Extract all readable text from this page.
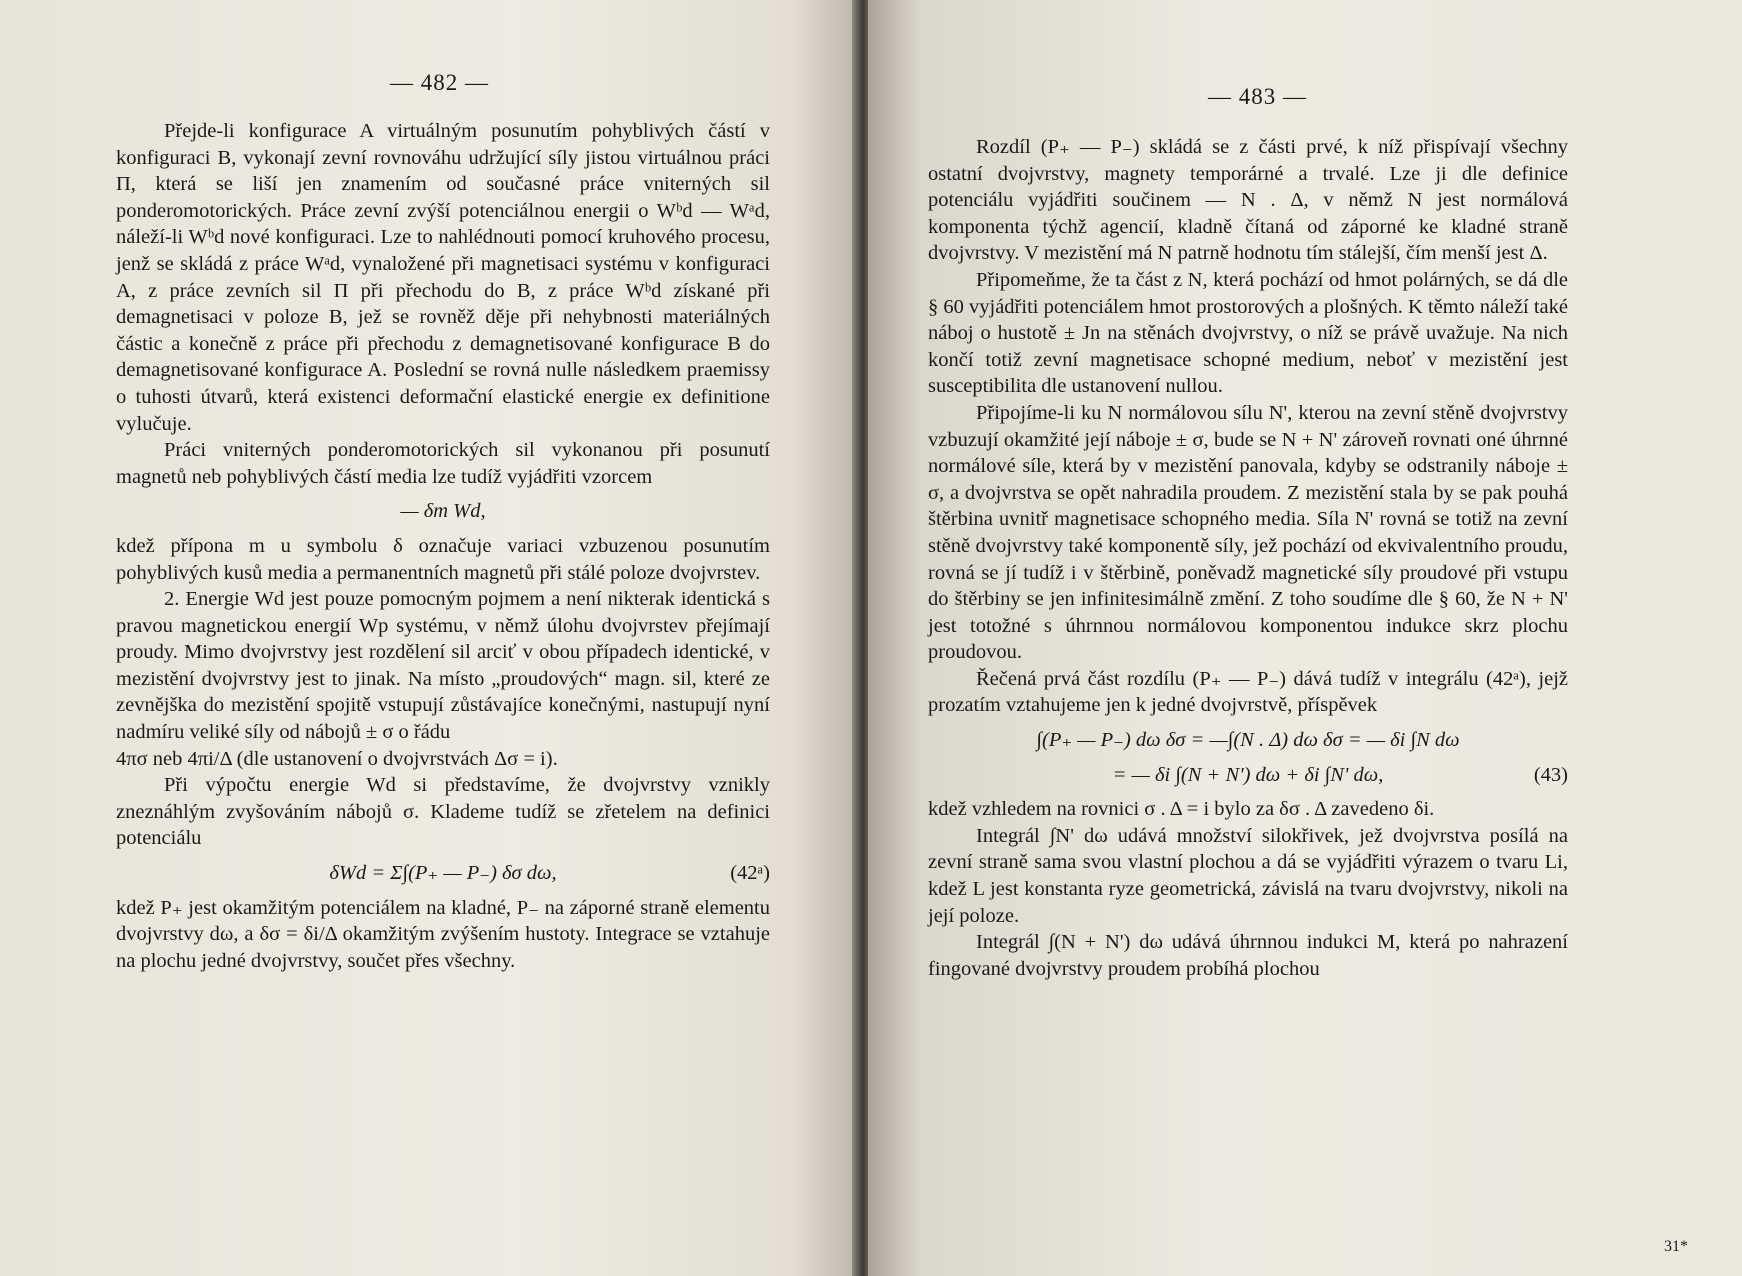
— 482 —

Přejde-li konfigurace A virtuálným posunutím pohyblivých částí v konfiguraci B, vykonají zevní rovnováhu udržující síly jistou virtuálnou práci Π, která se liší jen znamením od současné práce vniterných sil ponderomotorických. Práce zevní zvýší potenciálnou energii o Wᵇd — Wᵃd, náleží-li Wᵇd nové konfiguraci. Lze to nahlédnouti pomocí kruhového procesu, jenž se skládá z práce Wᵃd, vynaložené při magnetisaci systému v konfiguraci A, z práce zevních sil Π při přechodu do B, z práce Wᵇd získané při demagnetisaci v poloze B, jež se rovněž děje při nehybnosti materiálných částic a konečně z práce při přechodu z demagnetisované konfigurace B do demagnetisované konfigurace A. Poslední se rovná nulle následkem praemissy o tuhosti útvarů, která existenci deformační elastické energie ex definitione vylučuje.

Práci vniterných ponderomotorických sil vykonanou při posunutí magnetů neb pohyblivých částí media lze tudíž vyjádřiti vzorcem

— δm Wd,

kdež přípona m u symbolu δ označuje variaci vzbuzenou posunutím pohyblivých kusů media a permanentních magnetů při stálé poloze dvojvrstev.

2. Energie Wd jest pouze pomocným pojmem a není nikterak identická s pravou magnetickou energií Wp systému, v němž úlohu dvojvrstev přejímají proudy. Mimo dvojvrstvy jest rozdělení sil arciť v obou případech identické, v mezistění dvojvrstvy jest to jinak. Na místo „proudových“ magn. sil, které ze zevnějška do mezistění spojitě vstupují zůstávajíce konečnými, nastupují nyní nadmíru veliké síly od nábojů ± σ o řádu

4πσ neb 4πi/Δ (dle ustanovení o dvojvrstvách Δσ = i).

Při výpočtu energie Wd si představíme, že dvojvrstvy vznikly zneznáhlým zvyšováním nábojů σ. Klademe tudíž se zřetelem na definici potenciálu

δWd = Σ∫(P₊ — P₋) δσ dω,	(42ᵃ)

kdež P₊ jest okamžitým potenciálem na kladné, P₋ na záporné straně elementu dvojvrstvy dω, a δσ = δi/Δ okamžitým zvýšením hustoty. Integrace se vztahuje na plochu jedné dvojvrstvy, součet přes všechny.

— 483 —

Rozdíl (P₊ — P₋) skládá se z části prvé, k níž přispívají všechny ostatní dvojvrstvy, magnety temporárné a trvalé. Lze ji dle definice potenciálu vyjádřiti součinem — N . Δ, v němž N jest normálová komponenta týchž agencií, kladně čítaná od záporné ke kladné straně dvojvrstvy. V mezistění má N patrně hodnotu tím stálejší, čím menší jest Δ.

Připomeňme, že ta část z N, která pochází od hmot polárných, se dá dle § 60 vyjádřiti potenciálem hmot prostorových a plošných. K těmto náleží také náboj o hustotě ± Jn na stěnách dvojvrstvy, o níž se právě uvažuje. Na nich končí totiž zevní magnetisace schopné medium, neboť v mezistění jest susceptibilita dle ustanovení nullou.

Připojíme-li ku N normálovou sílu N', kterou na zevní stěně dvojvrstvy vzbuzují okamžité její náboje ± σ, bude se N + N' zároveň rovnati oné úhrnné normálové síle, která by v mezistění panovala, kdyby se odstranily náboje ± σ, a dvojvrstva se opět nahradila proudem. Z mezistění stala by se pak pouhá štěrbina uvnitř magnetisace schopného media. Síla N' rovná se totiž na zevní stěně dvojvrstvy také komponentě síly, jež pochází od ekvivalentního proudu, rovná se jí tudíž i v štěrbině, poněvadž magnetické síly proudové při vstupu do štěrbiny se jen infinitesimálně změní. Z toho soudíme dle § 60, že N + N' jest totožné s úhrnnou normálovou komponentou indukce skrz plochu proudovou.

Řečená prvá část rozdílu (P₊ — P₋) dává tudíž v integrálu (42ᵃ), jejž prozatím vztahujeme jen k jedné dvojvrstvě, příspěvek

∫(P₊ — P₋) dω δσ = —∫(N . Δ) dω δσ = — δi ∫N dω

= — δi ∫(N + N') dω + δi ∫N' dω,	(43)

kdež vzhledem na rovnici σ . Δ = i bylo za δσ . Δ zavedeno δi.

Integrál ∫N' dω udává množství silokřivek, jež dvojvrstva posílá na zevní straně sama svou vlastní plochou a dá se vyjádřiti výrazem o tvaru Li, kdež L jest konstanta ryze geometrická, závislá na tvaru dvojvrstvy, nikoli na její poloze.

Integrál ∫(N + N') dω udává úhrnnou indukci M, která po nahrazení fingované dvojvrstvy proudem probíhá plochou

31*
